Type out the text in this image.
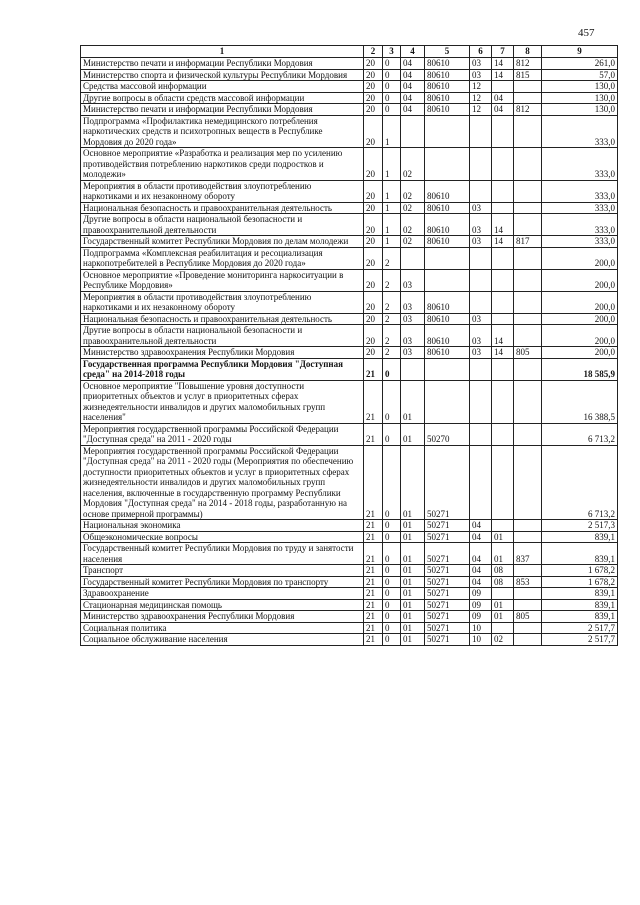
457
1	2	3	4	5	6	7	8	9
Министерство печати и информации Республики Мордовия	20	0	04	80610	03	14	812	261,0
Министерство спорта и физической культуры Республики Мордовия	20	0	04	80610	03	14	815	57,0
Средства массовой информации	20	0	04	80610	12			130,0
Другие вопросы в области средств массовой информации	20	0	04	80610	12	04		130,0
Министерство печати и информации Республики Мордовия	20	0	04	80610	12	04	812	130,0
Подпрограмма «Профилактика немедицинского потребления наркотических средств и психотропных веществ в Республике Мордовия до 2020 года»	20	1						333,0
Основное мероприятие «Разработка и реализация мер по усилению противодействия потреблению наркотиков среди подростков и молодежи»	20	1	02					333,0
Мероприятия в области противодействия злоупотреблению наркотиками и их незаконному обороту	20	1	02	80610				333,0
Национальная безопасность и правоохранительная деятельность	20	1	02	80610	03			333,0
Другие вопросы в области национальной безопасности и правоохранительной деятельности	20	1	02	80610	03	14		333,0
Государственный комитет Республики Мордовия по делам молодежи	20	1	02	80610	03	14	817	333,0
Подпрограмма «Комплексная реабилитация и ресоциализация наркопотребителей в Республике Мордовия до 2020 года»	20	2						200,0
Основное мероприятие «Проведение мониторинга наркоситуации в Республике Мордовия»	20	2	03					200,0
Мероприятия в области противодействия злоупотреблению наркотиками и их незаконному обороту	20	2	03	80610				200,0
Национальная безопасность и правоохранительная деятельность	20	2	03	80610	03			200,0
Другие вопросы в области национальной безопасности и правоохранительной деятельности	20	2	03	80610	03	14		200,0
Министерство здравоохранения Республики Мордовия	20	2	03	80610	03	14	805	200,0
Государственная программа Республики Мордовия "Доступная среда" на 2014-2018 годы	21	0						18 585,9
Основное мероприятие "Повышение уровня доступности приоритетных объектов и услуг в приоритетных сферах жизнедеятельности инвалидов и других маломобильных групп населения"	21	0	01					16 388,5
Мероприятия государственной программы Российской Федерации "Доступная среда" на 2011 - 2020 годы	21	0	01	50270				6 713,2
Мероприятия государственной программы Российской Федерации "Доступная среда" на 2011 - 2020 годы (Мероприятия по обеспечению доступности приоритетных объектов и услуг в приоритетных сферах жизнедеятельности инвалидов и других маломобильных групп населения, включенные в государственную программу Республики Мордовия "Доступная среда" на 2014 - 2018 годы, разработанную на основе примерной программы)	21	0	01	50271				6 713,2
Национальная экономика	21	0	01	50271	04			2 517,3
Общеэкономические вопросы	21	0	01	50271	04	01		839,1
Государственный комитет Республики Мордовия по труду и занятости населения	21	0	01	50271	04	01	837	839,1
Транспорт	21	0	01	50271	04	08		1 678,2
Государственный комитет Республики Мордовия по транспорту	21	0	01	50271	04	08	853	1 678,2
Здравоохранение	21	0	01	50271	09			839,1
Стационарная медицинская помощь	21	0	01	50271	09	01		839,1
Министерство здравоохранения Республики Мордовия	21	0	01	50271	09	01	805	839,1
Социальная политика	21	0	01	50271	10			2 517,7
Социальное обслуживание населения	21	0	01	50271	10	02		2 517,7
